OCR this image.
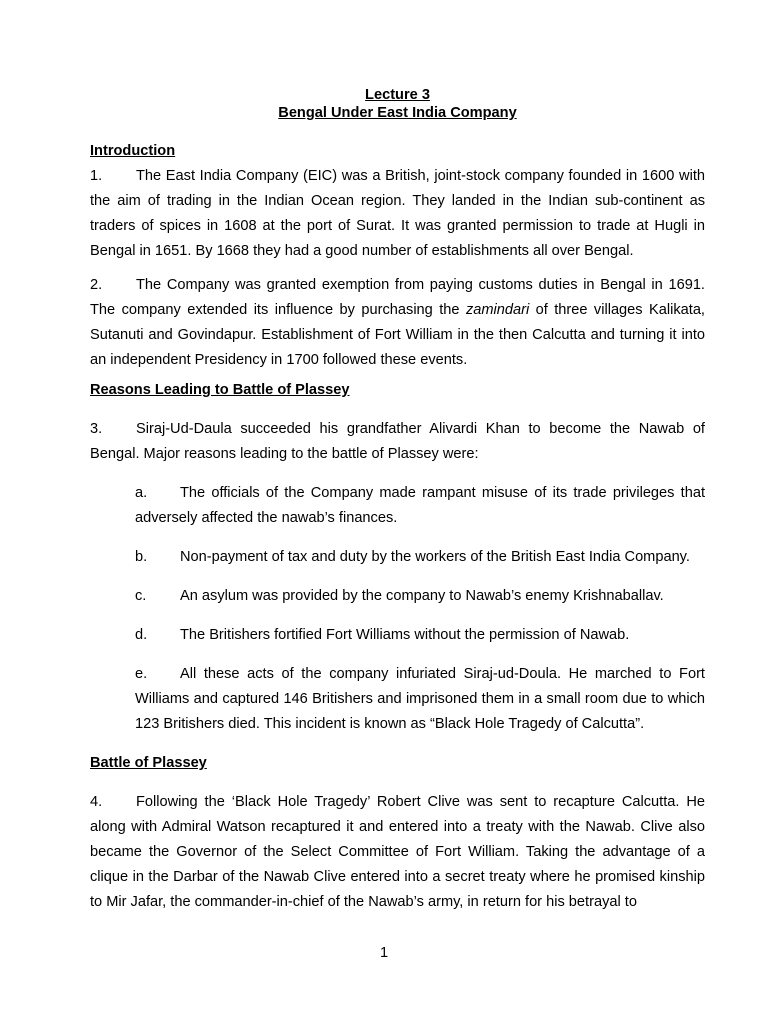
Lecture 3

Bengal Under East India Company

Introduction

1. The East India Company (EIC) was a British, joint-stock company founded in 1600 with the aim of trading in the Indian Ocean region. They landed in the Indian sub-continent as traders of spices in 1608 at the port of Surat. It was granted permission to trade at Hugli in Bengal in 1651. By 1668 they had a good number of establishments all over Bengal.

2. The Company was granted exemption from paying customs duties in Bengal in 1691. The company extended its influence by purchasing the zamindari of three villages Kalikata, Sutanuti and Govindapur. Establishment of Fort William in the then Calcutta and turning it into an independent Presidency in 1700 followed these events.

Reasons Leading to Battle of Plassey

3. Siraj-Ud-Daula succeeded his grandfather Alivardi Khan to become the Nawab of Bengal. Major reasons leading to the battle of Plassey were:

a. The officials of the Company made rampant misuse of its trade privileges that adversely affected the nawab’s finances.

b. Non-payment of tax and duty by the workers of the British East India Company.

c. An asylum was provided by the company to Nawab’s enemy Krishnaballav.

d. The Britishers fortified Fort Williams without the permission of Nawab.

e. All these acts of the company infuriated Siraj-ud-Doula. He marched to Fort Williams and captured 146 Britishers and imprisoned them in a small room due to which 123 Britishers died. This incident is known as “Black Hole Tragedy of Calcutta”.

Battle of Plassey

4. Following the ‘Black Hole Tragedy’ Robert Clive was sent to recapture Calcutta. He along with Admiral Watson recaptured it and entered into a treaty with the Nawab. Clive also became the Governor of the Select Committee of Fort William. Taking the advantage of a clique in the Darbar of the Nawab Clive entered into a secret treaty where he promised kinship to Mir Jafar, the commander-in-chief of the Nawab’s army, in return for his betrayal to

1
